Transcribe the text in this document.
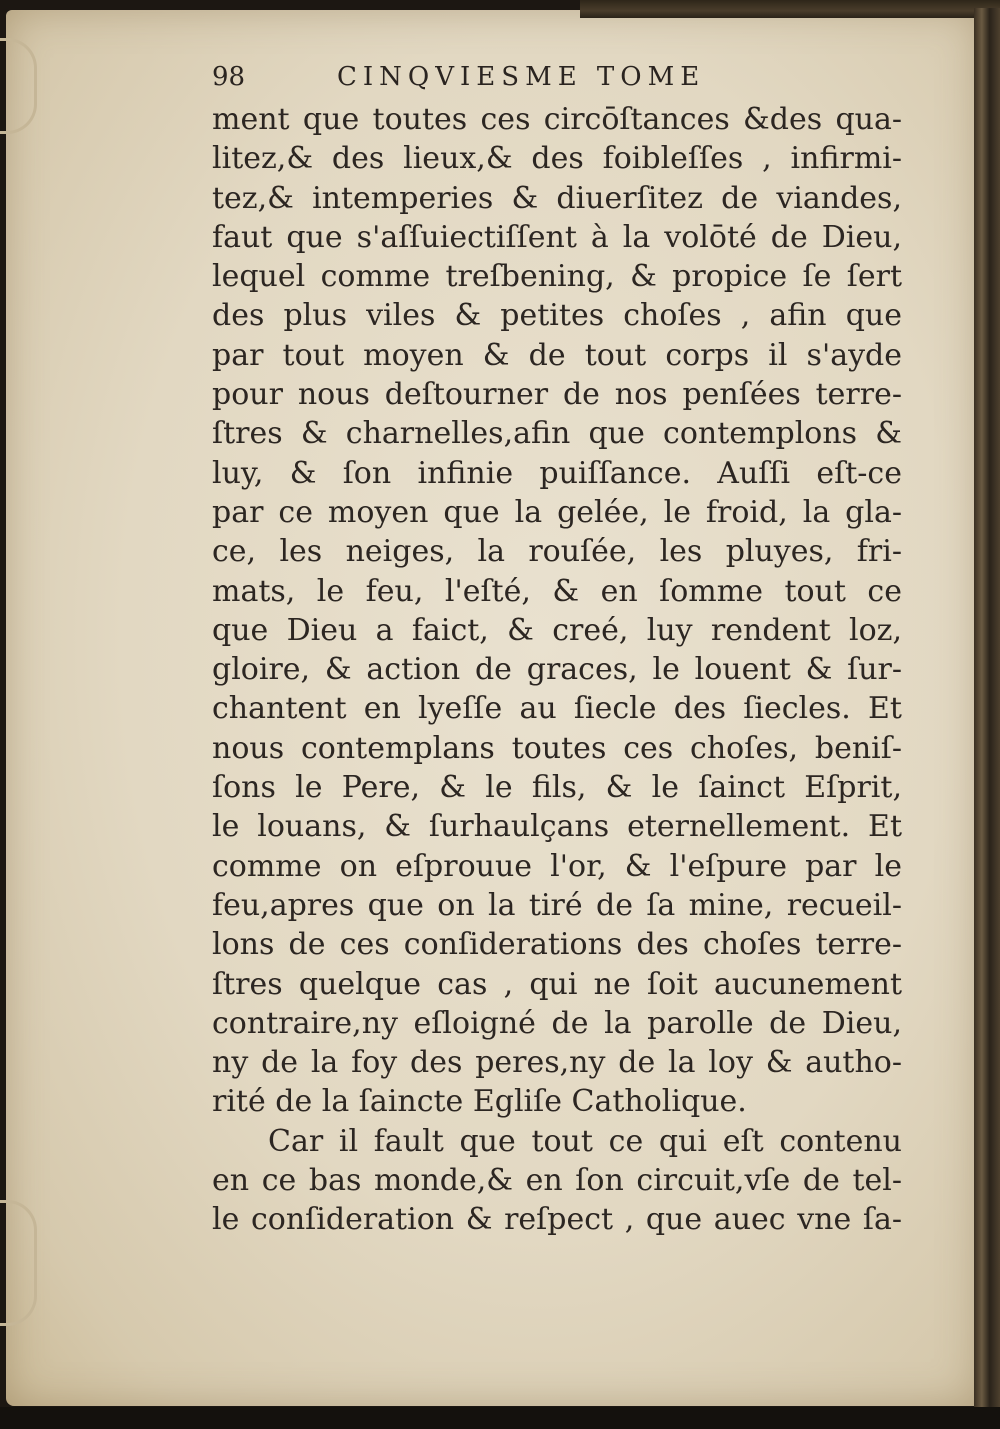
98	CINQVIESME TOME
ment que toutes ces circōſtances &des qua-
litez,& des lieux,& des foibleſſes , infirmi-
tez,& intemperies & diuerſitez de viandes,
faut que s'aſſuiectiſſent à la volōté de Dieu,
lequel comme treſbening, & propice ſe ſert
des plus viles & petites choſes , afin que
par tout moyen & de tout corps il s'ayde
pour nous deſtourner de nos penſées terre-
ſtres & charnelles,afin que contemplons &
luy, & ſon infinie puiſſance. Auſſi eſt-ce
par ce moyen que la gelée, le froid, la gla-
ce, les neiges, la rouſée, les pluyes, fri-
mats, le feu, l'eſté, & en ſomme tout ce
que Dieu a faict, & creé, luy rendent loz,
gloire, & action de graces, le louent & ſur-
chantent en lyeſſe au ſiecle des ſiecles. Et
nous contemplans toutes ces choſes, beniſ-
ſons le Pere, & le fils, & le ſainct Eſprit,
le louans, & ſurhaulçans eternellement. Et
comme on eſprouue l'or, & l'eſpure par le
feu,apres que on la tiré de ſa mine, recueil-
lons de ces conſiderations des choſes terre-
ſtres quelque cas , qui ne ſoit aucunement
contraire,ny eſloigné de la parolle de Dieu,
ny de la foy des peres,ny de la loy & autho-
rité de la ſaincte Egliſe Catholique.
Car il fault que tout ce qui eſt contenu
en ce bas monde,& en ſon circuit,vſe de tel-
le conſideration & reſpect , que auec vne ſa-
